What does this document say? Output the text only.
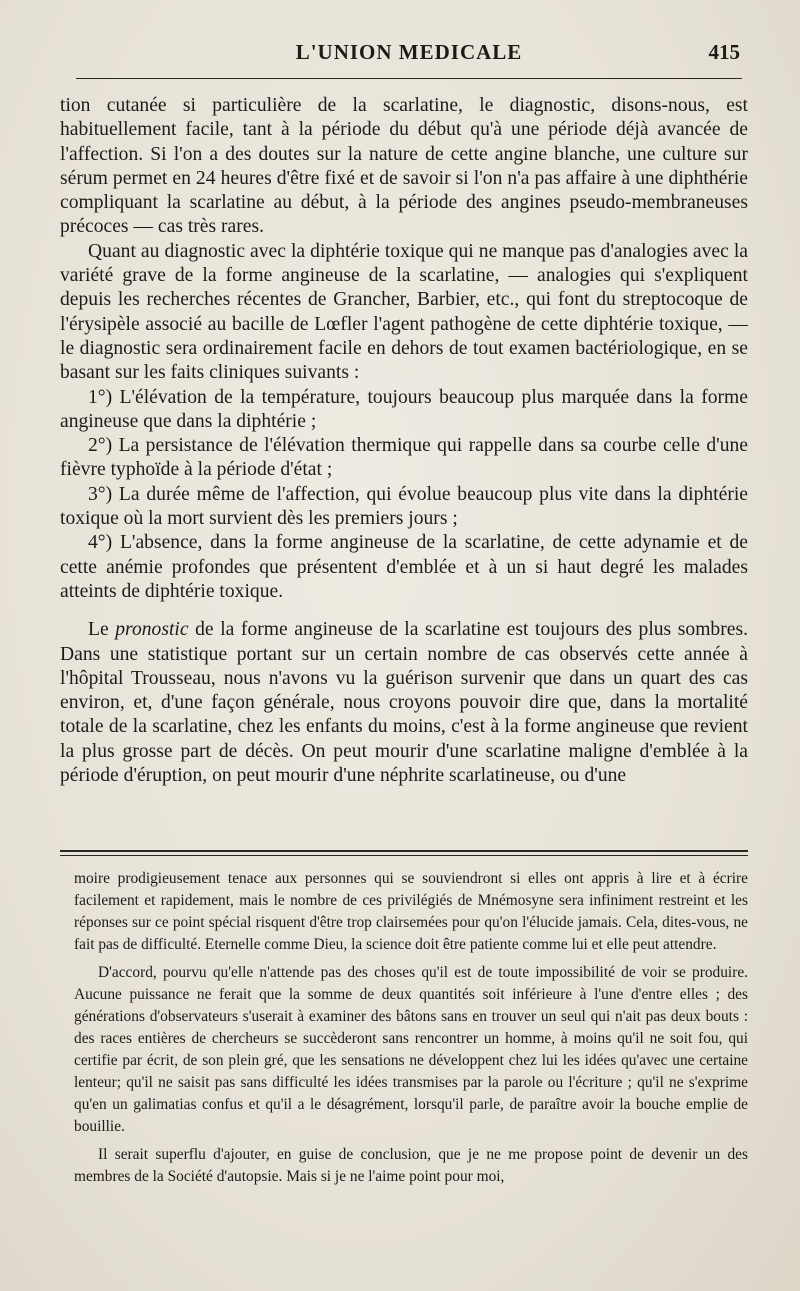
L'UNION MEDICALE	415

tion cutanée si particulière de la scarlatine, le diagnostic, disons-nous, est habituellement facile, tant à la période du début qu'à une période déjà avancée de l'affection. Si l'on a des doutes sur la nature de cette angine blanche, une culture sur sérum permet en 24 heures d'être fixé et de savoir si l'on n'a pas affaire à une diphthérie compliquant la scarlatine au début, à la période des angines pseudo-membraneuses précoces — cas très rares.

Quant au diagnostic avec la diphtérie toxique qui ne manque pas d'analogies avec la variété grave de la forme angineuse de la scarlatine, — analogies qui s'expliquent depuis les recherches récentes de Grancher, Barbier, etc., qui font du streptocoque de l'érysipèle associé au bacille de Lœfler l'agent pathogène de cette diphtérie toxique, — le diagnostic sera ordinairement facile en dehors de tout examen bactériologique, en se basant sur les faits cliniques suivants :

1°) L'élévation de la température, toujours beaucoup plus marquée dans la forme angineuse que dans la diphtérie ;

2°) La persistance de l'élévation thermique qui rappelle dans sa courbe celle d'une fièvre typhoïde à la période d'état ;

3°) La durée même de l'affection, qui évolue beaucoup plus vite dans la diphtérie toxique où la mort survient dès les premiers jours ;

4°) L'absence, dans la forme angineuse de la scarlatine, de cette adynamie et de cette anémie profondes que présentent d'emblée et à un si haut degré les malades atteints de diphtérie toxique.

Le pronostic de la forme angineuse de la scarlatine est toujours des plus sombres. Dans une statistique portant sur un certain nombre de cas observés cette année à l'hôpital Trousseau, nous n'avons vu la guérison survenir que dans un quart des cas environ, et, d'une façon générale, nous croyons pouvoir dire que, dans la mortalité totale de la scarlatine, chez les enfants du moins, c'est à la forme angineuse que revient la plus grosse part de décès. On peut mourir d'une scarlatine maligne d'emblée à la période d'éruption, on peut mourir d'une néphrite scarlatineuse, ou d'une

moire prodigieusement tenace aux personnes qui se souviendront si elles ont appris à lire et à écrire facilement et rapidement, mais le nombre de ces privilégiés de Mnémosyne sera infiniment restreint et les réponses sur ce point spécial risquent d'être trop clairsemées pour qu'on l'élucide jamais. Cela, dites-vous, ne fait pas de difficulté. Eternelle comme Dieu, la science doit être patiente comme lui et elle peut attendre.

D'accord, pourvu qu'elle n'attende pas des choses qu'il est de toute impossibilité de voir se produire. Aucune puissance ne ferait que la somme de deux quantités soit inférieure à l'une d'entre elles ; des générations d'observateurs s'userait à examiner des bâtons sans en trouver un seul qui n'ait pas deux bouts : des races entières de chercheurs se succèderont sans rencontrer un homme, à moins qu'il ne soit fou, qui certifie par écrit, de son plein gré, que les sensations ne développent chez lui les idées qu'avec une certaine lenteur; qu'il ne saisit pas sans difficulté les idées transmises par la parole ou l'écriture ; qu'il ne s'exprime qu'en un galimatias confus et qu'il a le désagrément, lorsqu'il parle, de paraître avoir la bouche emplie de bouillie.

Il serait superflu d'ajouter, en guise de conclusion, que je ne me propose point de devenir un des membres de la Société d'autopsie. Mais si je ne l'aime point pour moi,
